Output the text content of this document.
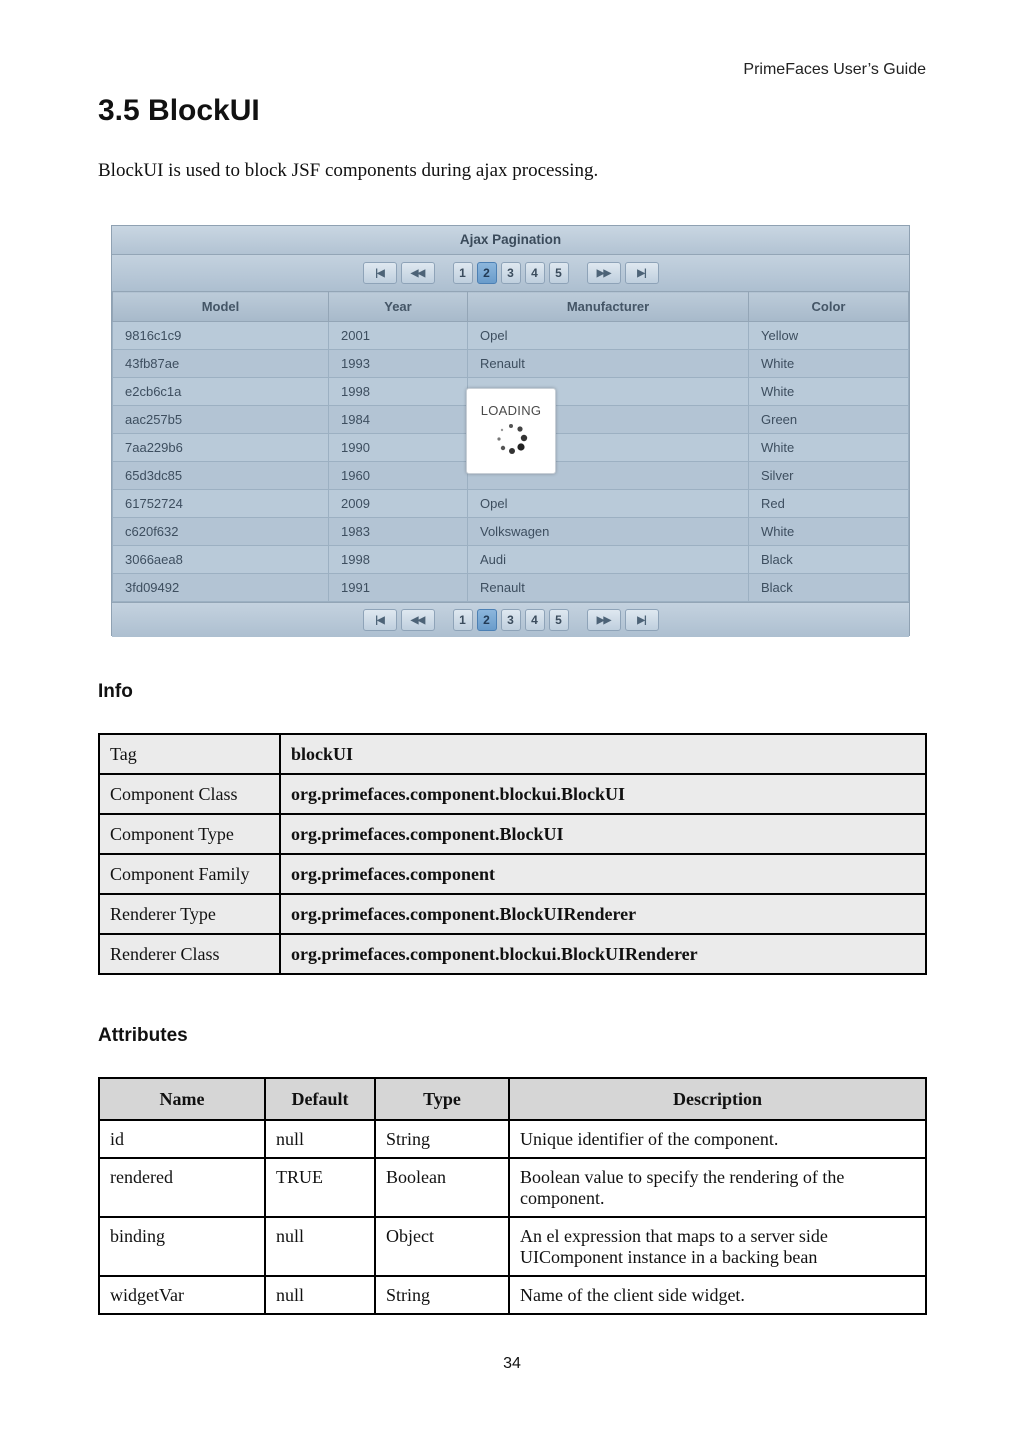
PrimeFaces User’s Guide
3.5 BlockUI

BlockUI is used to block JSF components during ajax processing.

Ajax Pagination
|◀	◀◀	1	2	3	4	5	▶▶	▶|
Model	Year	Manufacturer	Color
9816c1c9	2001	Opel	Yellow
43fb87ae	1993	Renault	White
e2cb6c1a	1998		White
aac257b5	1984		Green
7aa229b6	1990		White
65d3dc85	1960		Silver
61752724	2009	Opel	Red
c620f632	1983	Volkswagen	White
3066aea8	1998	Audi	Black
3fd09492	1991	Renault	Black
|◀	◀◀	1	2	3	4	5	▶▶	▶|
LOADING
Info
Tag	blockUI
Component Class	org.primefaces.component.blockui.BlockUI
Component Type	org.primefaces.component.BlockUI
Component Family	org.primefaces.component
Renderer Type	org.primefaces.component.BlockUIRenderer
Renderer Class	org.primefaces.component.blockui.BlockUIRenderer
Attributes
Name	Default	Type	Description
id	null	String	Unique identifier of the component.
rendered	TRUE	Boolean	Boolean value to specify the rendering of the component.
binding	null	Object	An el expression that maps to a server side UIComponent instance in a backing bean
widgetVar	null	String	Name of the client side widget.
34
